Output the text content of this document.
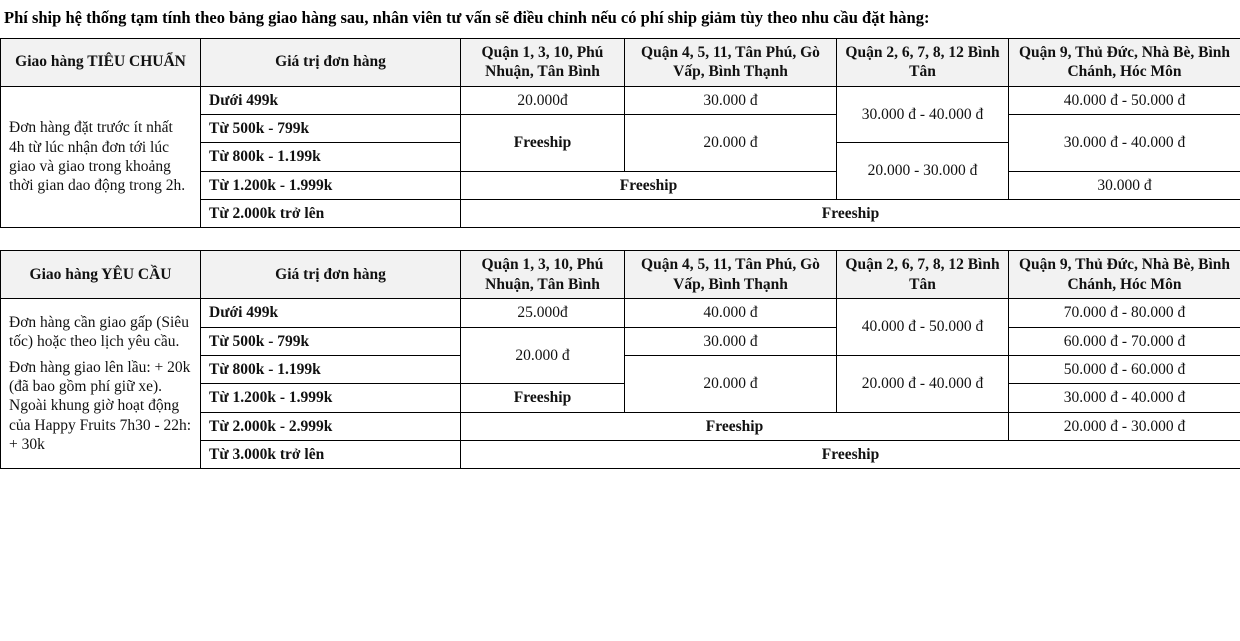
Phí ship hệ thống tạm tính theo bảng giao hàng sau, nhân viên tư vấn sẽ điều chỉnh nếu có phí ship giảm tùy theo nhu cầu đặt hàng:
Giao hàng TIÊU CHUẨN	Giá trị đơn hàng	Quận 1, 3, 10, Phú Nhuận, Tân Bình	Quận 4, 5, 11, Tân Phú, Gò Vấp, Bình Thạnh	Quận 2, 6, 7, 8, 12 Bình Tân	Quận 9, Thủ Đức, Nhà Bè, Bình Chánh, Hóc Môn
Đơn hàng đặt trước ít nhất 4h từ lúc nhận đơn tới lúc giao và giao trong khoảng thời gian dao động trong 2h.	Dưới 499k	20.000đ	30.000 đ	30.000 đ - 40.000 đ	40.000 đ - 50.000 đ
	Từ 500k - 799k	Freeship	20.000 đ		30.000 đ - 40.000 đ
	Từ 800k - 1.199k			20.000 - 30.000 đ	
	Từ 1.200k - 1.999k	Freeship			30.000 đ
	Từ 2.000k trở lên	Freeship			
Giao hàng YÊU CẦU	Giá trị đơn hàng	Quận 1, 3, 10, Phú Nhuận, Tân Bình	Quận 4, 5, 11, Tân Phú, Gò Vấp, Bình Thạnh	Quận 2, 6, 7, 8, 12 Bình Tân	Quận 9, Thủ Đức, Nhà Bè, Bình Chánh, Hóc Môn

Đơn hàng cần giao gấp (Siêu tốc) hoặc theo lịch yêu cầu.

Đơn hàng giao lên lầu: + 20k (đã bao gồm phí giữ xe). Ngoài khung giờ hoạt động của Happy Fruits 7h30 - 22h: + 30k	Dưới 499k	25.000đ	40.000 đ	40.000 đ - 50.000 đ	70.000 đ - 80.000 đ
	Từ 500k - 799k	20.000 đ	30.000 đ		60.000 đ - 70.000 đ
	Từ 800k - 1.199k		20.000 đ	20.000 đ - 40.000 đ	50.000 đ - 60.000 đ
	Từ 1.200k - 1.999k	Freeship			30.000 đ - 40.000 đ
	Từ 2.000k - 2.999k	Freeship			20.000 đ - 30.000 đ
	Từ 3.000k trở lên	Freeship			
